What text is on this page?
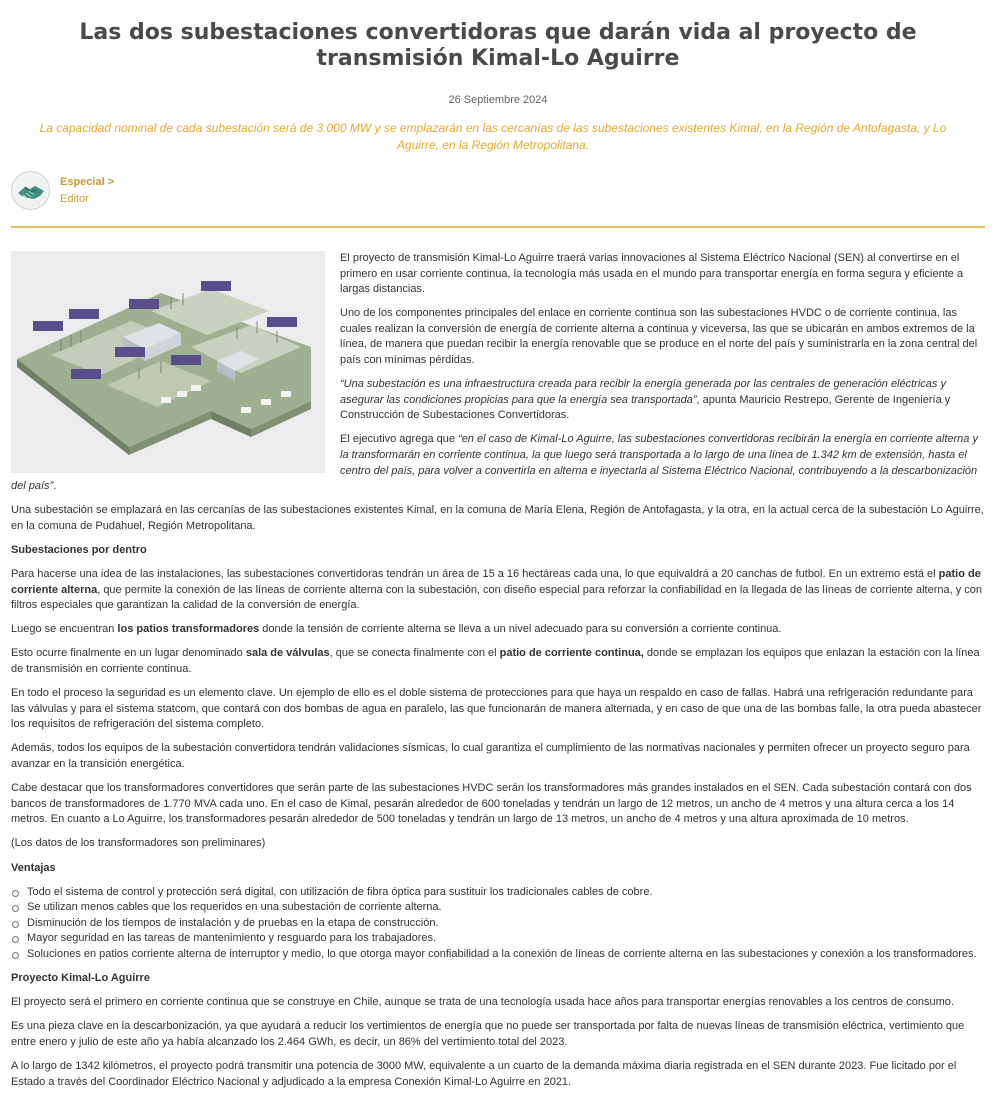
Las dos subestaciones convertidoras que darán vida al proyecto de transmisión Kimal-Lo Aguirre
26 Septiembre 2024
La capacidad nominal de cada subestación será de 3.000 MW y se emplazarán en las cercanías de las subestaciones existentes Kimal, en la Región de Antofagasta, y Lo Aguirre, en la Región Metropolitana.
Especial >
Editor

El proyecto de transmisión Kimal-Lo Aguirre traerá varias innovaciones al Sistema Eléctrico Nacional (SEN) al convertirse en el primero en usar corriente continua, la tecnología más usada en el mundo para transportar energía en forma segura y eficiente a largas distancias.

Uno de los componentes principales del enlace en corriente continua son las subestaciones HVDC o de corriente continua, las cuales realizan la conversión de energía de corriente alterna a continua y viceversa, las que se ubicarán en ambos extremos de la línea, de manera que puedan recibir la energía renovable que se produce en el norte del país y suministrarla en la zona central del país con mínimas pérdidas.

“Una subestación es una infraestructura creada para recibir la energía generada por las centrales de generación eléctricas y asegurar las condiciones propicias para que la energía sea transportada”, apunta Mauricio Restrepo, Gerente de Ingeniería y Construcción de Subestaciones Convertidoras.

El ejecutivo agrega que “en el caso de Kimal-Lo Aguirre, las subestaciones convertidoras recibirán la energía en corriente alterna y la transformarán en corriente continua, la que luego será transportada a lo largo de una línea de 1.342 km de extensión, hasta el centro del país, para volver a convertirla en alterna e inyectarla al Sistema Eléctrico Nacional, contribuyendo a la descarbonización del país”.

Una subestación se emplazará en las cercanías de las subestaciones existentes Kimal, en la comuna de María Elena, Región de Antofagasta, y la otra, en la actual cerca de la subestación Lo Aguirre, en la comuna de Pudahuel, Región Metropolitana.

Subestaciones por dentro

Para hacerse una idea de las instalaciones, las subestaciones convertidoras tendrán un área de 15 a 16 hectáreas cada una, lo que equivaldrá a 20 canchas de futbol. En un extremo está el patio de corriente alterna, que permite la conexión de las líneas de corriente alterna con la subestación, con diseño especial para reforzar la confiabilidad en la llegada de las líneas de corriente alterna, y con filtros especiales que garantizan la calidad de la conversión de energía.

Luego se encuentran los patios transformadores donde la tensión de corriente alterna se lleva a un nivel adecuado para su conversión a corriente continua.

Esto ocurre finalmente en un lugar denominado sala de válvulas, que se conecta finalmente con el patio de corriente continua, donde se emplazan los equipos que enlazan la estación con la línea de transmisión en corriente continua.

En todo el proceso la seguridad es un elemento clave. Un ejemplo de ello es el doble sistema de protecciones para que haya un respaldo en caso de fallas. Habrá una refrigeración redundante para las válvulas y para el sistema statcom, que contará con dos bombas de agua en paralelo, las que funcionarán de manera alternada, y en caso de que una de las bombas falle, la otra pueda abastecer los requisitos de refrigeración del sistema completo.

Además, todos los equipos de la subestación convertidora tendrán validaciones sísmicas, lo cual garantiza el cumplimiento de las normativas nacionales y permiten ofrecer un proyecto seguro para avanzar en la transición energética.

Cabe destacar que los transformadores convertidores que serán parte de las subestaciones HVDC serán los transformadores más grandes instalados en el SEN. Cada subestación contará con dos bancos de transformadores de 1.770 MVA cada uno. En el caso de Kimal, pesarán alrededor de 600 toneladas y tendrán un largo de 12 metros, un ancho de 4 metros y una altura cerca a los 14 metros. En cuanto a Lo Aguirre, los transformadores pesarán alrededor de 500 toneladas y tendrán un largo de 13 metros, un ancho de 4 metros y una altura aproximada de 10 metros.

(Los datos de los transformadores son preliminares)

Ventajas

Todo el sistema de control y protección será digital, con utilización de fibra óptica para sustituir los tradicionales cables de cobre.
Se utilizan menos cables que los requeridos en una subestación de corriente alterna.
Disminución de los tiempos de instalación y de pruebas en la etapa de construcción.
Mayor seguridad en las tareas de mantenimiento y resguardo para los trabajadores.
Soluciones en patios corriente alterna de interruptor y medio, lo que otorga mayor confiabilidad a la conexión de líneas de corriente alterna en las subestaciones y conexión a los transformadores.

Proyecto Kimal-Lo Aguirre

El proyecto será el primero en corriente continua que se construye en Chile, aunque se trata de una tecnología usada hace años para transportar energías renovables a los centros de consumo.

Es una pieza clave en la descarbonización, ya que ayudará a reducir los vertimientos de energía que no puede ser transportada por falta de nuevas líneas de transmisión eléctrica, vertimiento que entre enero y julio de este año ya había alcanzado los 2.464 GWh, es decir, un 86% del vertimiento total del 2023.

A lo largo de 1342 kilómetros, el proyecto podrá transmitir una potencia de 3000 MW, equivalente a un cuarto de la demanda máxima diaria registrada en el SEN durante 2023. Fue licitado por el Estado a través del Coordinador Eléctrico Nacional y adjudicado a la empresa Conexión Kimal-Lo Aguirre en 2021.
